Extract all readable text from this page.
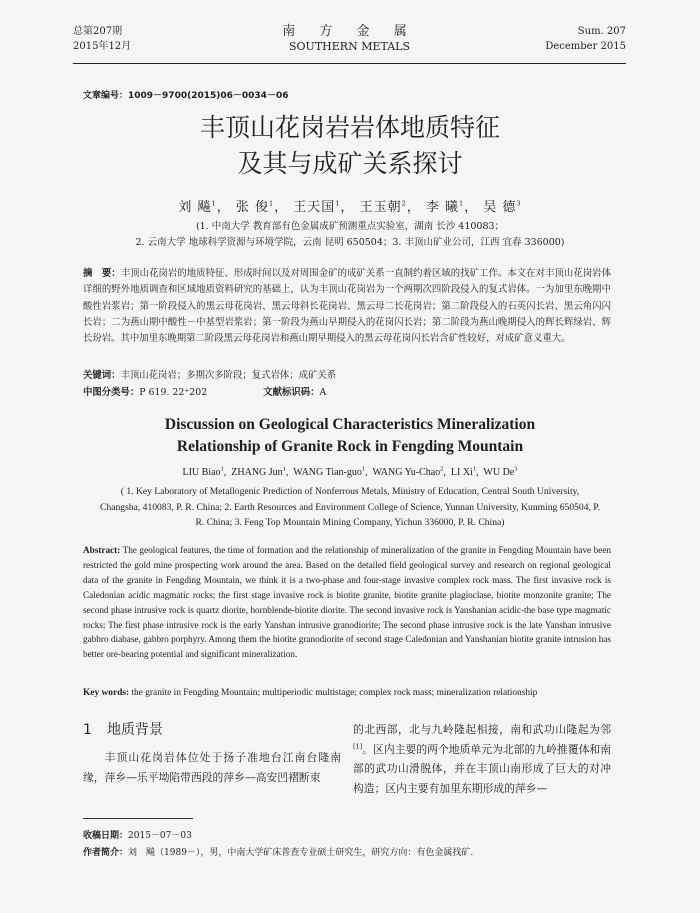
总第207期
2015年12月
南 方 金 属
SOUTHERN METALS
Sum. 207
December 2015
文章编号：1009－9700(2015)06－0034－06
丰顶山花岗岩岩体地质特征
及其与成矿关系探讨
刘 飚$^1$， 张 俊$^1$， 王天国$^1$， 王玉朝$^2$， 李 曦$^1$， 吴 德$^3$
(1. 中南大学 教育部有色金属成矿预测重点实验室，湖南 长沙 410083；
2. 云南大学 地球科学资源与环境学院，云南 昆明 650504；3. 丰顶山矿业公司，江西 宜春 336000)
摘　要：丰顶山花岗岩的地质特征、形成时间以及对周围金矿的成矿关系一直制约着区域的找矿工作。本文在对丰顶山花岗岩体详细的野外地质调查和区域地质资料研究的基础上，认为丰顶山花岗岩为一个两期次四阶段侵入的复式岩体。一为加里东晚期中酸性岩浆岩；第一阶段侵入的黑云母花岗岩、黑云母斜长花岗岩、黑云母二长花岗岩；第二阶段侵入的石英闪长岩、黑云角闪闪长岩；二为燕山期中酸性－中基型岩浆岩；第一阶段为燕山早期侵入的花岗闪长岩；第二阶段为燕山晚期侵入的辉长辉绿岩、辉长玢岩。其中加里东晚期第二阶段黑云母花岗岩和燕山期早期侵入的黑云母花岗闪长岩含矿性较好，对成矿意义重大。
关键词：丰顶山花岗岩；多期次多阶段；复式岩体；成矿关系
中图分类号：P 619. 22⁺202	文献标识码：A
Discussion on Geological Characteristics Mineralization
Relationship of Granite Rock in Fengding Mountain
LIU Biao$^1$,  ZHANG Jun$^1$,  WANG Tian-guo$^1$,  WANG Yu-Chao$^2$,  LI Xi$^1$,  WU De$^3$
( 1. Key Laboratory of Metallogenic Prediction of Nonferrous Metals, Ministry of Education, Central South University, Changsha, 410083, P. R. China; 2. Earth Resources and Environment College of Science, Yunnan University, Kunming 650504, P. R. China; 3. Feng Top Mountain Mining Company, Yichun 336000, P. R. China)
Abstract: The geological features, the time of formation and the relationship of mineralization of the granite in Fengding Mountain have been restricted the gold mine prospecting work around the area. Based on the detailed field geological survey and research on regional geological data of the granite in Fengding Mountain, we think it is a two-phase and four-stage invasive complex rock mass. The first invasive rock is Caledonian acidic magmatic rocks; the first stage invasive rock is biotite granite, biotite granite plagioclase, biotite monzonite granite; The second phase intrusive rock is quartz diorite, hornblende-biotite diorite. The second invasive rock is Yanshanian acidic-the base type magmatic rocks; The first phase intrusive rock is the early Yanshan intrusive granodiorite; The second phase intrusive rock is the late Yanshan intrusive gabbro diabase, gabbro porphyry. Among them the biotite granodiorite of second stage Caledonian and Yanshanian biotite granite intrusion has better ore-bearing potential and significant mineralization.
Key words: the granite in Fengding Mountain; multiperiodic multistage; complex rock mass; mineralization relationship
1 地质背景
丰顶山花岗岩体位处于扬子准地台江南台隆南缘，萍乡—乐平坳陷带西段的萍乡—高安凹褶断束
的北西部，北与九岭隆起相接，南和武功山隆起为邻[1]。区内主要的两个地质单元为北部的九岭推覆体和南部的武功山滑脱体，并在丰顶山南形成了巨大的对冲构造；区内主要有加里东期形成的萍乡—
收稿日期：2015－07－03
作者简介：刘　飚（1989－），男，中南大学矿床普查专业硕士研究生，研究方向：有色金属找矿.
